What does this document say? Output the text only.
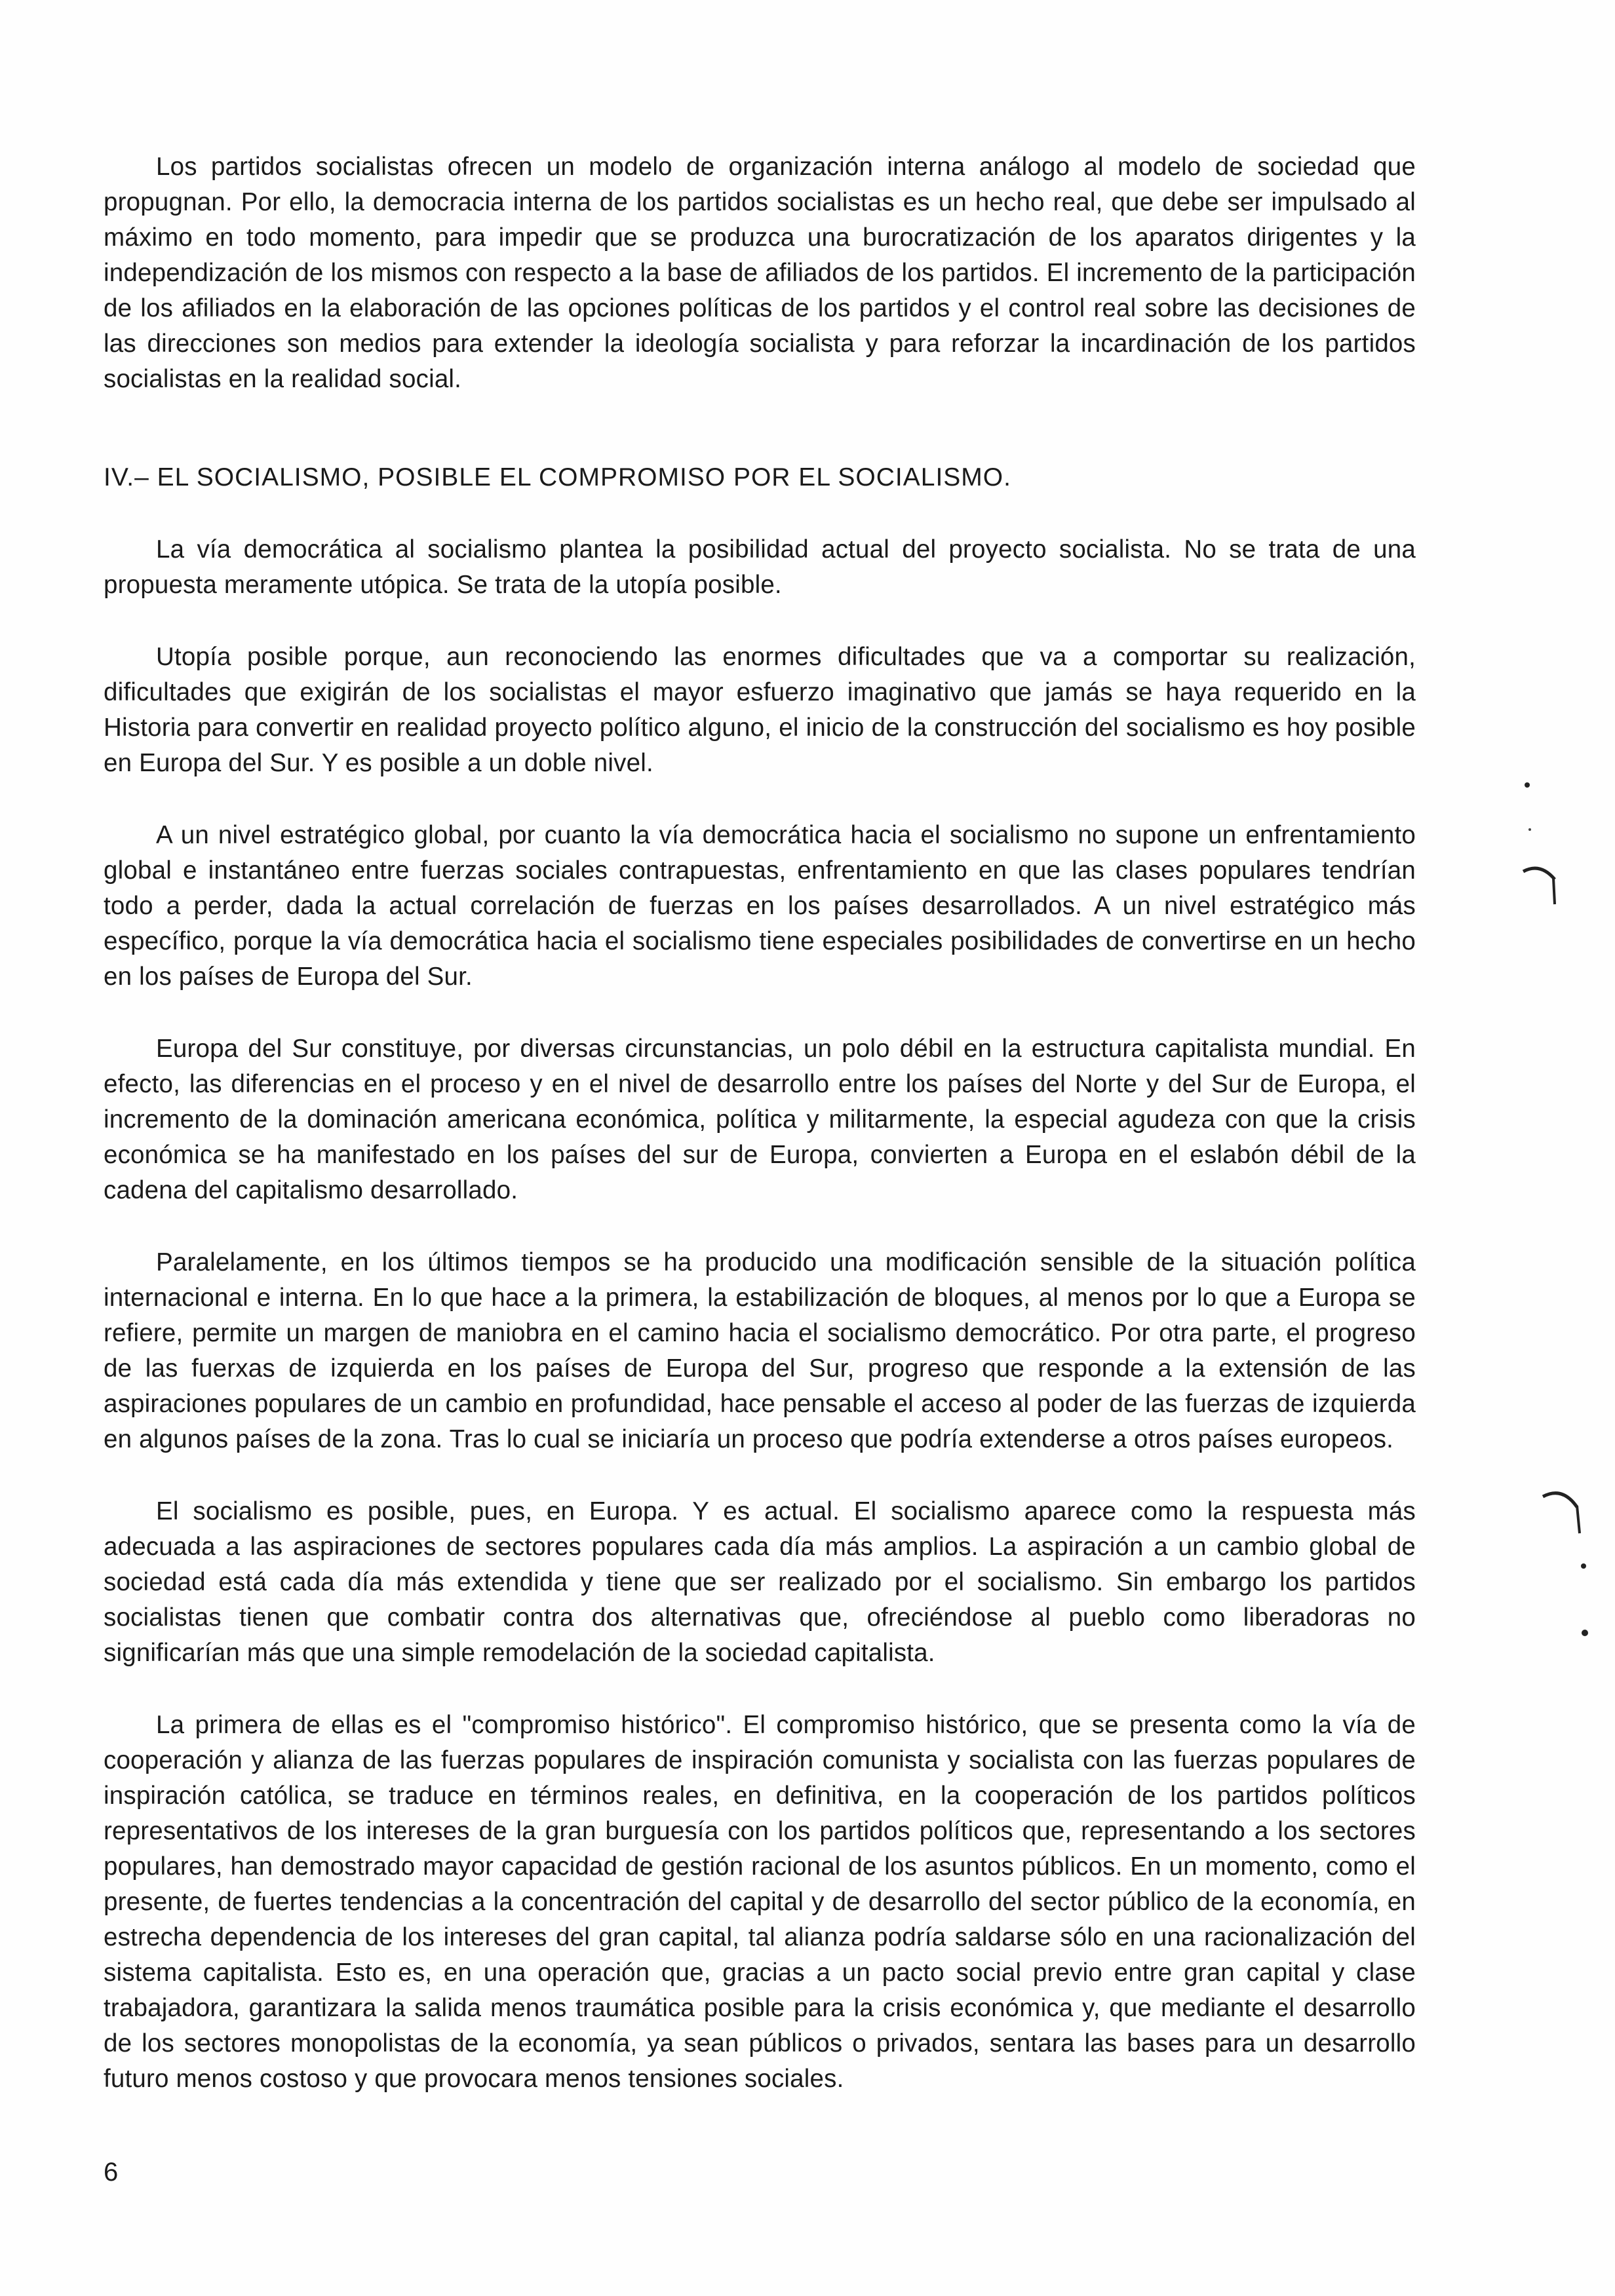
Los partidos socialistas ofrecen un modelo de organización interna análogo al modelo de sociedad que propugnan. Por ello, la democracia interna de los partidos socialistas es un hecho real, que debe ser impulsado al máximo en todo momento, para impedir que se produzca una burocratización de los aparatos dirigentes y la independización de los mismos con respecto a la base de afiliados de los partidos. El incremento de la participación de los afiliados en la elaboración de las opciones políticas de los partidos y el control real sobre las decisiones de las direcciones son medios para extender la ideología socialista y para reforzar la incardinación de los partidos socialistas en la realidad social.

IV.– EL SOCIALISMO, POSIBLE EL COMPROMISO POR EL SOCIALISMO.

La vía democrática al socialismo plantea la posibilidad actual del proyecto socialista. No se trata de una propuesta meramente utópica. Se trata de la utopía posible.

Utopía posible porque, aun reconociendo las enormes dificultades que va a comportar su realización, dificultades que exigirán de los socialistas el mayor esfuerzo imaginativo que jamás se haya requerido en la Historia para convertir en realidad proyecto político alguno, el inicio de la construcción del socialismo es hoy posible en Europa del Sur. Y es posible a un doble nivel.

A un nivel estratégico global, por cuanto la vía democrática hacia el socialismo no supone un enfrentamiento global e instantáneo entre fuerzas sociales contrapuestas, enfrentamiento en que las clases populares tendrían todo a perder, dada la actual correlación de fuerzas en los países desarrollados. A un nivel estratégico más específico, porque la vía democrática hacia el socialismo tiene especiales posibilidades de convertirse en un hecho en los países de Europa del Sur.

Europa del Sur constituye, por diversas circunstancias, un polo débil en la estructura capitalista mundial. En efecto, las diferencias en el proceso y en el nivel de desarrollo entre los países del Norte y del Sur de Europa, el incremento de la dominación americana económica, política y militarmente, la especial agudeza con que la crisis económica se ha manifestado en los países del sur de Europa, convierten a Europa en el eslabón débil de la cadena del capitalismo desarrollado.

Paralelamente, en los últimos tiempos se ha producido una modificación sensible de la situación política internacional e interna. En lo que hace a la primera, la estabilización de bloques, al menos por lo que a Europa se refiere, permite un margen de maniobra en el camino hacia el socialismo democrático. Por otra parte, el progreso de las fuerxas de izquierda en los países de Europa del Sur, progreso que responde a la extensión de las aspiraciones populares de un cambio en profundidad, hace pensable el acceso al poder de las fuerzas de izquierda en algunos países de la zona. Tras lo cual se iniciaría un proceso que podría extenderse a otros países europeos.

El socialismo es posible, pues, en Europa. Y es actual. El socialismo aparece como la respuesta más adecuada a las aspiraciones de sectores populares cada día más amplios. La aspiración a un cambio global de sociedad está cada día más extendida y tiene que ser realizado por el socialismo. Sin embargo los partidos socialistas tienen que combatir contra dos alternativas que, ofreciéndose al pueblo como liberadoras no significarían más que una simple remodelación de la sociedad capitalista.

La primera de ellas es el "compromiso histórico". El compromiso histórico, que se presenta como la vía de cooperación y alianza de las fuerzas populares de inspiración comunista y socialista con las fuerzas populares de inspiración católica, se traduce en términos reales, en definitiva, en la cooperación de los partidos políticos representativos de los intereses de la gran burguesía con los partidos políticos que, representando a los sectores populares, han demostrado mayor capacidad de gestión racional de los asuntos públicos. En un momento, como el presente, de fuertes tendencias a la concentración del capital y de desarrollo del sector público de la economía, en estrecha dependencia de los intereses del gran capital, tal alianza podría saldarse sólo en una racionalización del sistema capitalista. Esto es, en una operación que, gracias a un pacto social previo entre gran capital y clase trabajadora, garantizara la salida menos traumática posible para la crisis económica y, que mediante el desarrollo de los sectores monopolistas de la economía, ya sean públicos o privados, sentara las bases para un desarrollo futuro menos costoso y que provocara menos tensiones sociales.

6
